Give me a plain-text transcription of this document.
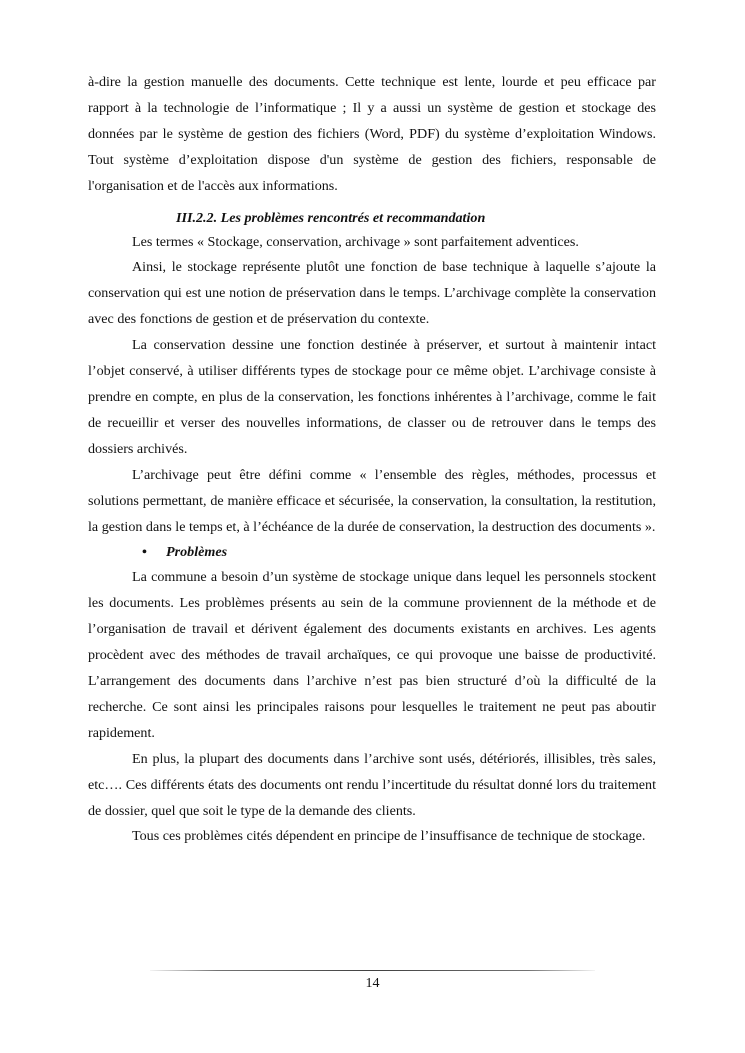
à-dire la gestion manuelle des documents. Cette technique est lente, lourde et peu efficace par rapport à la technologie de l’informatique ; Il y a aussi un système de gestion et stockage des données par le système de gestion des fichiers (Word, PDF) du système d’exploitation Windows. Tout système d’exploitation dispose d'un système de gestion des fichiers, responsable de l'organisation et de l'accès aux informations.

III.2.2. Les problèmes rencontrés et recommandation

Les termes « Stockage, conservation, archivage » sont parfaitement adventices.

Ainsi, le stockage représente plutôt une fonction de base technique à laquelle s’ajoute la conservation qui est une notion de préservation dans le temps. L’archivage complète la conservation avec des fonctions de gestion et de préservation du contexte.

La conservation dessine une fonction destinée à préserver, et surtout à maintenir intact l’objet conservé, à utiliser différents types de stockage pour ce même objet. L’archivage consiste à prendre en compte, en plus de la conservation, les fonctions inhérentes à l’archivage, comme le fait de recueillir et verser des nouvelles informations, de classer ou de retrouver dans le temps des dossiers archivés.

L’archivage peut être défini comme « l’ensemble des règles, méthodes, processus et solutions permettant, de manière efficace et sécurisée, la conservation, la consultation, la restitution, la gestion dans le temps et, à l’échéance de la durée de conservation, la destruction des documents ».

• Problèmes

La commune a besoin d’un système de stockage unique dans lequel les personnels stockent les documents. Les problèmes présents au sein de la commune proviennent de la méthode et de l’organisation de travail et dérivent également des documents existants en archives. Les agents procèdent avec des méthodes de travail archaïques, ce qui provoque une baisse de productivité. L’arrangement des documents dans l’archive n’est pas bien structuré d’où la difficulté de la recherche. Ce sont ainsi les principales raisons pour lesquelles le traitement ne peut pas aboutir rapidement.

En plus, la plupart des documents dans l’archive sont usés, détériorés, illisibles, très sales, etc…. Ces différents états des documents ont rendu l’incertitude du résultat donné lors du traitement de dossier, quel que soit le type de la demande des clients.

Tous ces problèmes cités dépendent en principe de l’insuffisance de technique de stockage.

14
